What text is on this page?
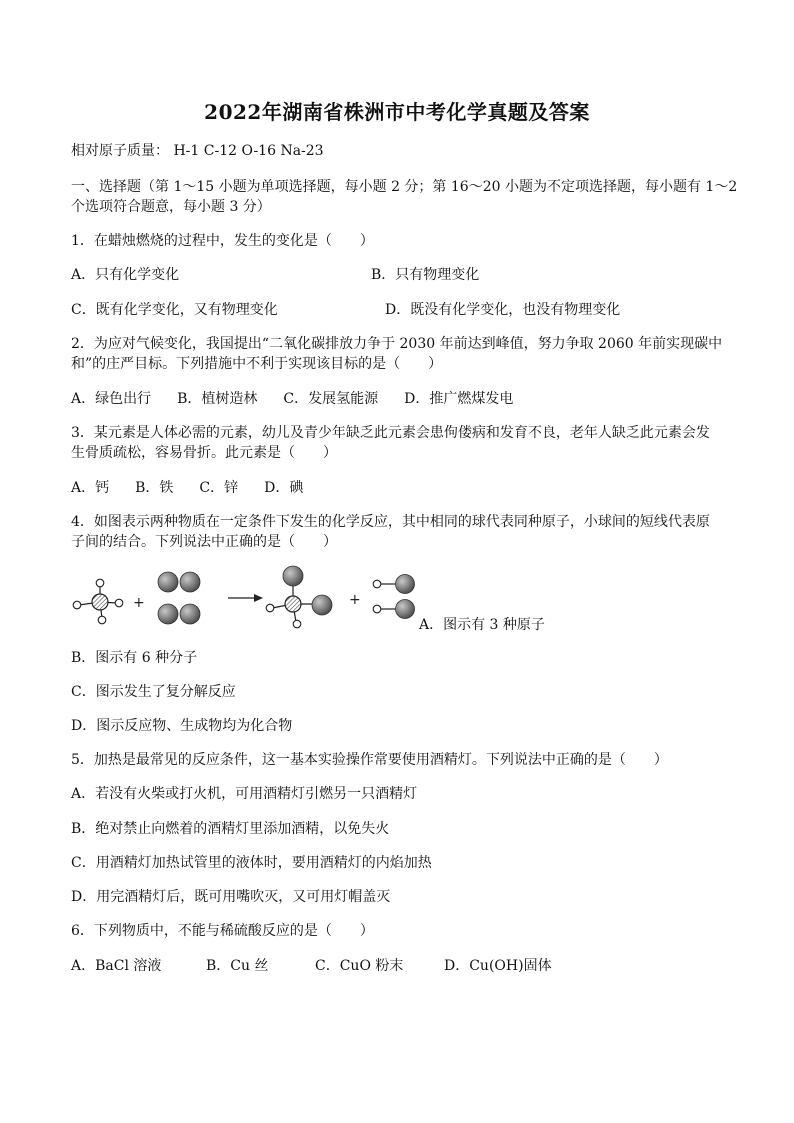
2022年湖南省株洲市中考化学真题及答案
相对原子质量： H-1 C-12 O-16 Na-23
一、选择题（第 1～15 小题为单项选择题，每小题 2 分；第 16～20 小题为不定项选择题，每小题有 1～2
个选项符合题意，每小题 3 分）
1．在蜡烛燃烧的过程中，发生的变化是（　　）
A．只有化学变化	B．只有物理变化
C．既有化学变化，又有物理变化	D．既没有化学变化，也没有物理变化
2．为应对气候变化，我国提出“二氧化碳排放力争于 2030 年前达到峰值，努力争取 2060 年前实现碳中
和”的庄严目标。下列措施中不利于实现该目标的是（　　）
A．绿色出行 B．植树造林 C．发展氢能源 D．推广燃煤发电
3．某元素是人体必需的元素，幼儿及青少年缺乏此元素会患佝偻病和发育不良，老年人缺乏此元素会发
生骨质疏松，容易骨折。此元素是（　　）
A．钙 B．铁 C．锌 D．碘
4．如图表示两种物质在一定条件下发生的化学反应，其中相同的球代表同种原子，小球间的短线代表原
子间的结合。下列说法中正确的是（　　）
+	+
A．图示有 3 种原子
B．图示有 6 种分子
C．图示发生了复分解反应
D．图示反应物、生成物均为化合物
5．加热是最常见的反应条件，这一基本实验操作常要使用酒精灯。下列说法中正确的是（　　）
A．若没有火柴或打火机，可用酒精灯引燃另一只酒精灯
B．绝对禁止向燃着的酒精灯里添加酒精，以免失火
C．用酒精灯加热试管里的液体时，要用酒精灯的内焰加热
D．用完酒精灯后，既可用嘴吹灭，又可用灯帽盖灭
6．下列物质中，不能与稀硫酸反应的是（　　）
A．BaCl 溶液	B．Cu 丝	C．CuO 粉末	D．Cu(OH)固体
